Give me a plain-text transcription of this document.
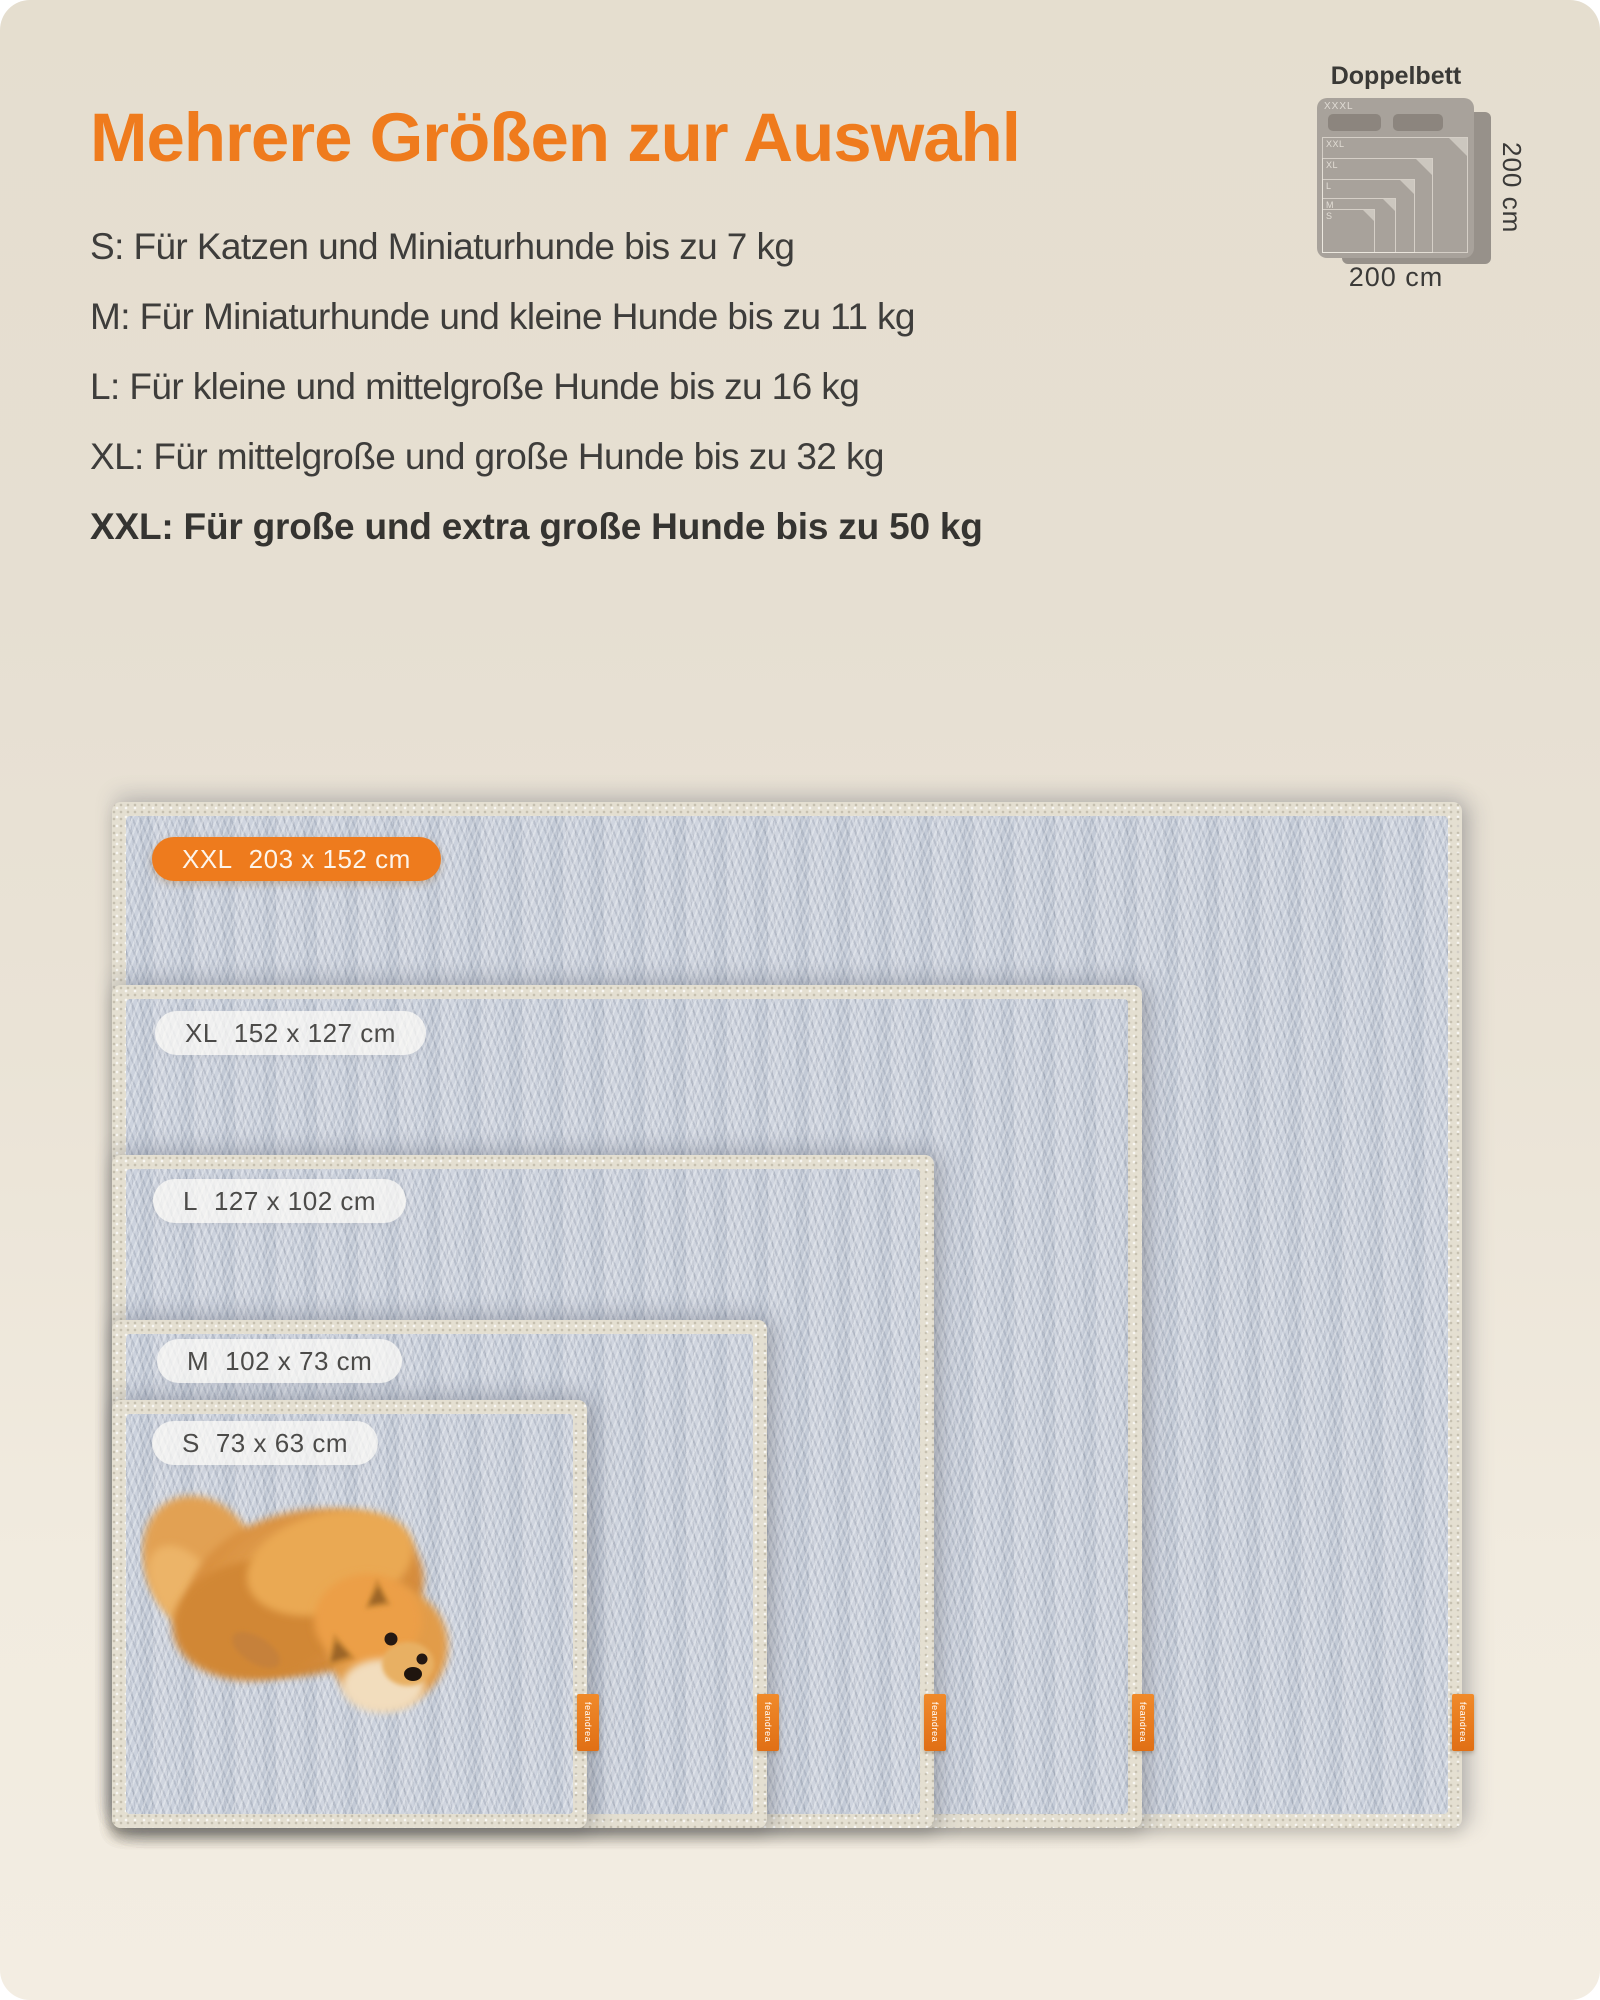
Mehrere Größen zur Auswahl
S: Für Katzen und Miniaturhunde bis zu 7 kg
M: Für Miniaturhunde und kleine Hunde bis zu 11 kg
L: Für kleine und mittelgroße Hunde bis zu 16 kg
XL: Für mittelgroße und große Hunde bis zu 32 kg
XXL: Für große und extra große Hunde bis zu 50 kg
Doppelbett
XXXL
XXL
XL
L
M
S	200 cm
200 cm
feandrea
feandrea
feandrea
feandrea
feandrea
XXL 203 x 152 cm
XL 152 x 127 cm
L 127 x 102 cm
M 102 x 73 cm
S 73 x 63 cm
